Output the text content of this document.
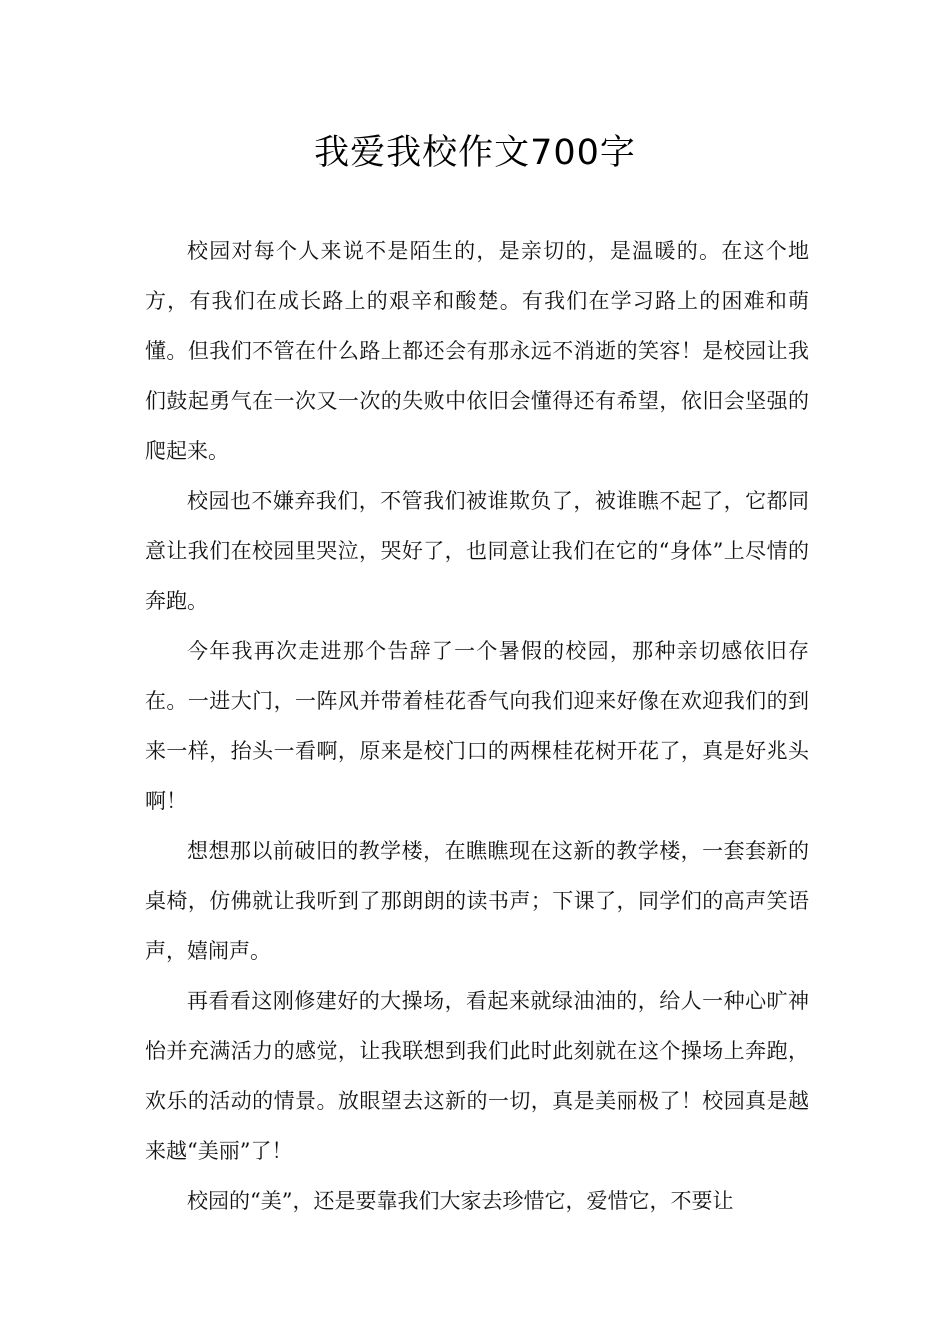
我爱我校作文700字

校园对每个人来说不是陌生的，是亲切的，是温暖的。在这个地方，有我们在成长路上的艰辛和酸楚。有我们在学习路上的困难和萌懂。但我们不管在什么路上都还会有那永远不消逝的笑容！是校园让我们鼓起勇气在一次又一次的失败中依旧会懂得还有希望，依旧会坚强的爬起来。

校园也不嫌弃我们，不管我们被谁欺负了，被谁瞧不起了，它都同意让我们在校园里哭泣，哭好了，也同意让我们在它的“身体”上尽情的奔跑。

今年我再次走进那个告辞了一个暑假的校园，那种亲切感依旧存在。一进大门，一阵风并带着桂花香气向我们迎来好像在欢迎我们的到来一样，抬头一看啊，原来是校门口的两棵桂花树开花了，真是好兆头啊！

想想那以前破旧的教学楼，在瞧瞧现在这新的教学楼，一套套新的桌椅，仿佛就让我听到了那朗朗的读书声；下课了，同学们的高声笑语声，嬉闹声。

再看看这刚修建好的大操场，看起来就绿油油的，给人一种心旷神怡并充满活力的感觉，让我联想到我们此时此刻就在这个操场上奔跑，欢乐的活动的情景。放眼望去这新的一切，真是美丽极了！校园真是越来越“美丽”了！

校园的“美”，还是要靠我们大家去珍惜它，爱惜它，不要让
